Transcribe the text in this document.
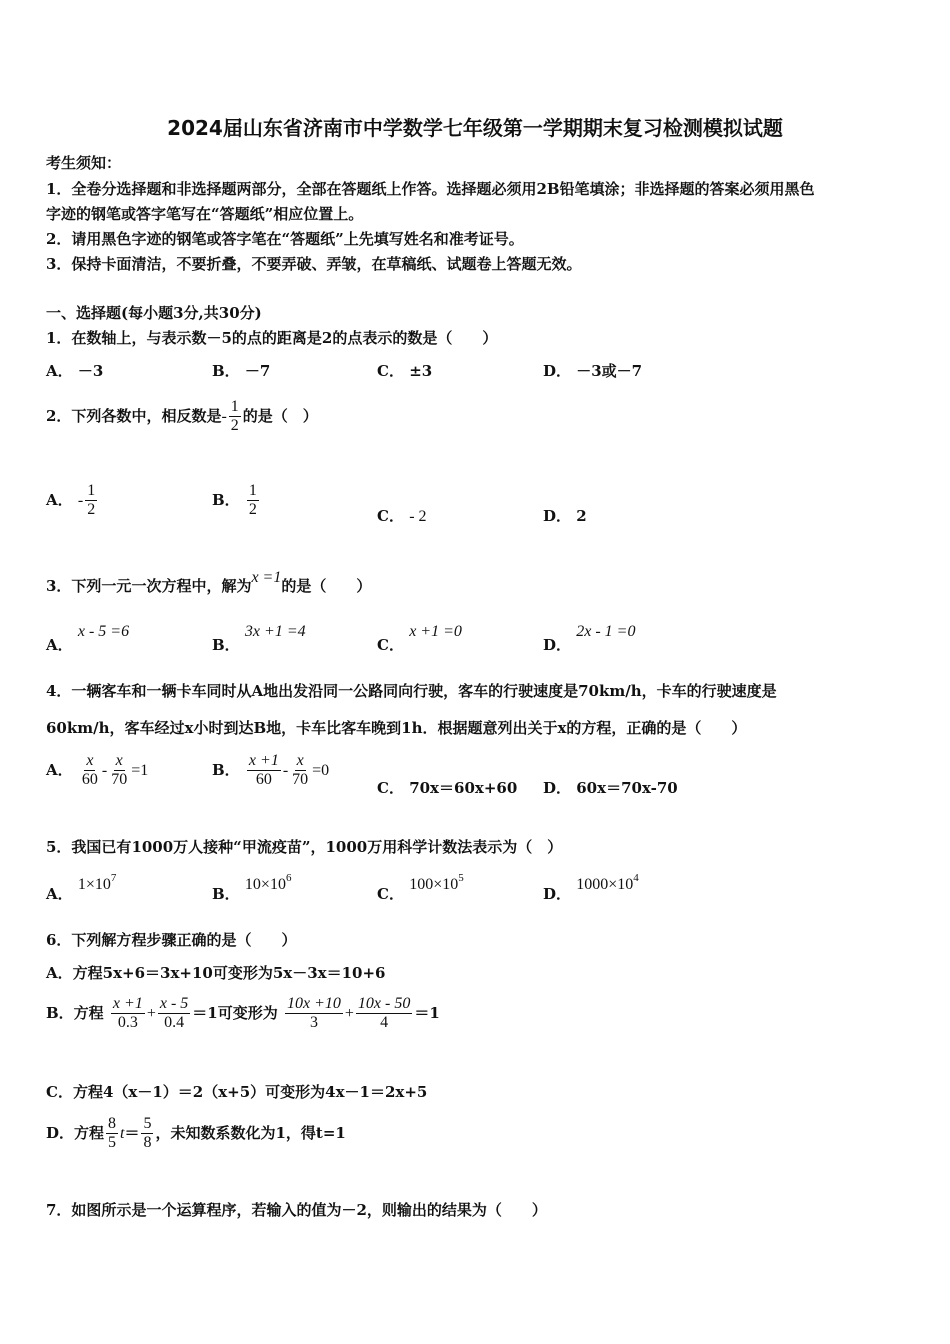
2024届山东省济南市中学数学七年级第一学期期末复习检测模拟试题
考生须知：
1．全卷分选择题和非选择题两部分，全部在答题纸上作答。选择题必须用2B铅笔填涂；非选择题的答案必须用黑色
字迹的钢笔或答字笔写在“答题纸”相应位置上。
2．请用黑色字迹的钢笔或答字笔在“答题纸”上先填写姓名和准考证号。
3．保持卡面清洁，不要折叠，不要弄破、弄皱，在草稿纸、试题卷上答题无效。
一、选择题(每小题3分,共30分)
1．在数轴上，与表示数－5的点的距离是2的点表示的数是（　　）
A． －3	B． －7	C． ±3	D． －3或－7
2．下列各数中，相反数是- $\frac{1}{2}$ 的是（　）
A． - $\frac{1}{2}$	B． $\frac{1}{2}$	C． - 2	D． 2
3．下列一元一次方程中，解为x =1的是（　　）
A． x - 5 =6
B． 3x +1 =4
C． x +1 =0
D． 2x - 1 =0
4．一辆客车和一辆卡车同时从A地出发沿同一公路同向行驶，客车的行驶速度是70km/h，卡车的行驶速度是
60km/h，客车经过x小时到达B地，卡车比客车晚到1h．根据题意列出关于x的方程，正确的是（　　）
A． $\frac{x}{60} - \frac{x}{70} =1$	B． $\frac{x +1}{60} - \frac{x}{70} =0$
C． 70x＝60x+60 D． 60x＝70x-70
5．我国已有1000万人接种“甲流疫苗”，1000万用科学计数法表示为（　）
A． $1\times 10^7$
B． $10\times 10^6$
C． $100\times 10^5$
D． $1000\times 10^4$
6．下列解方程步骤正确的是（　　）
A．方程5x+6＝3x+10可变形为5x－3x＝10+6
B．方程 $\frac{x +1}{0.3} + \frac{x - 5}{0.4} =1$可变形为 $\frac{10x +10}{3} + \frac{10x - 50}{4} =1$
C．方程4（x－1）＝2（x+5）可变形为4x－1＝2x+5
D．方程 $\frac{8}{5} t= \frac{5}{8}$ ，未知数系数化为1，得t=1
7．如图所示是一个运算程序，若输入的值为－2，则输出的结果为（　　）
